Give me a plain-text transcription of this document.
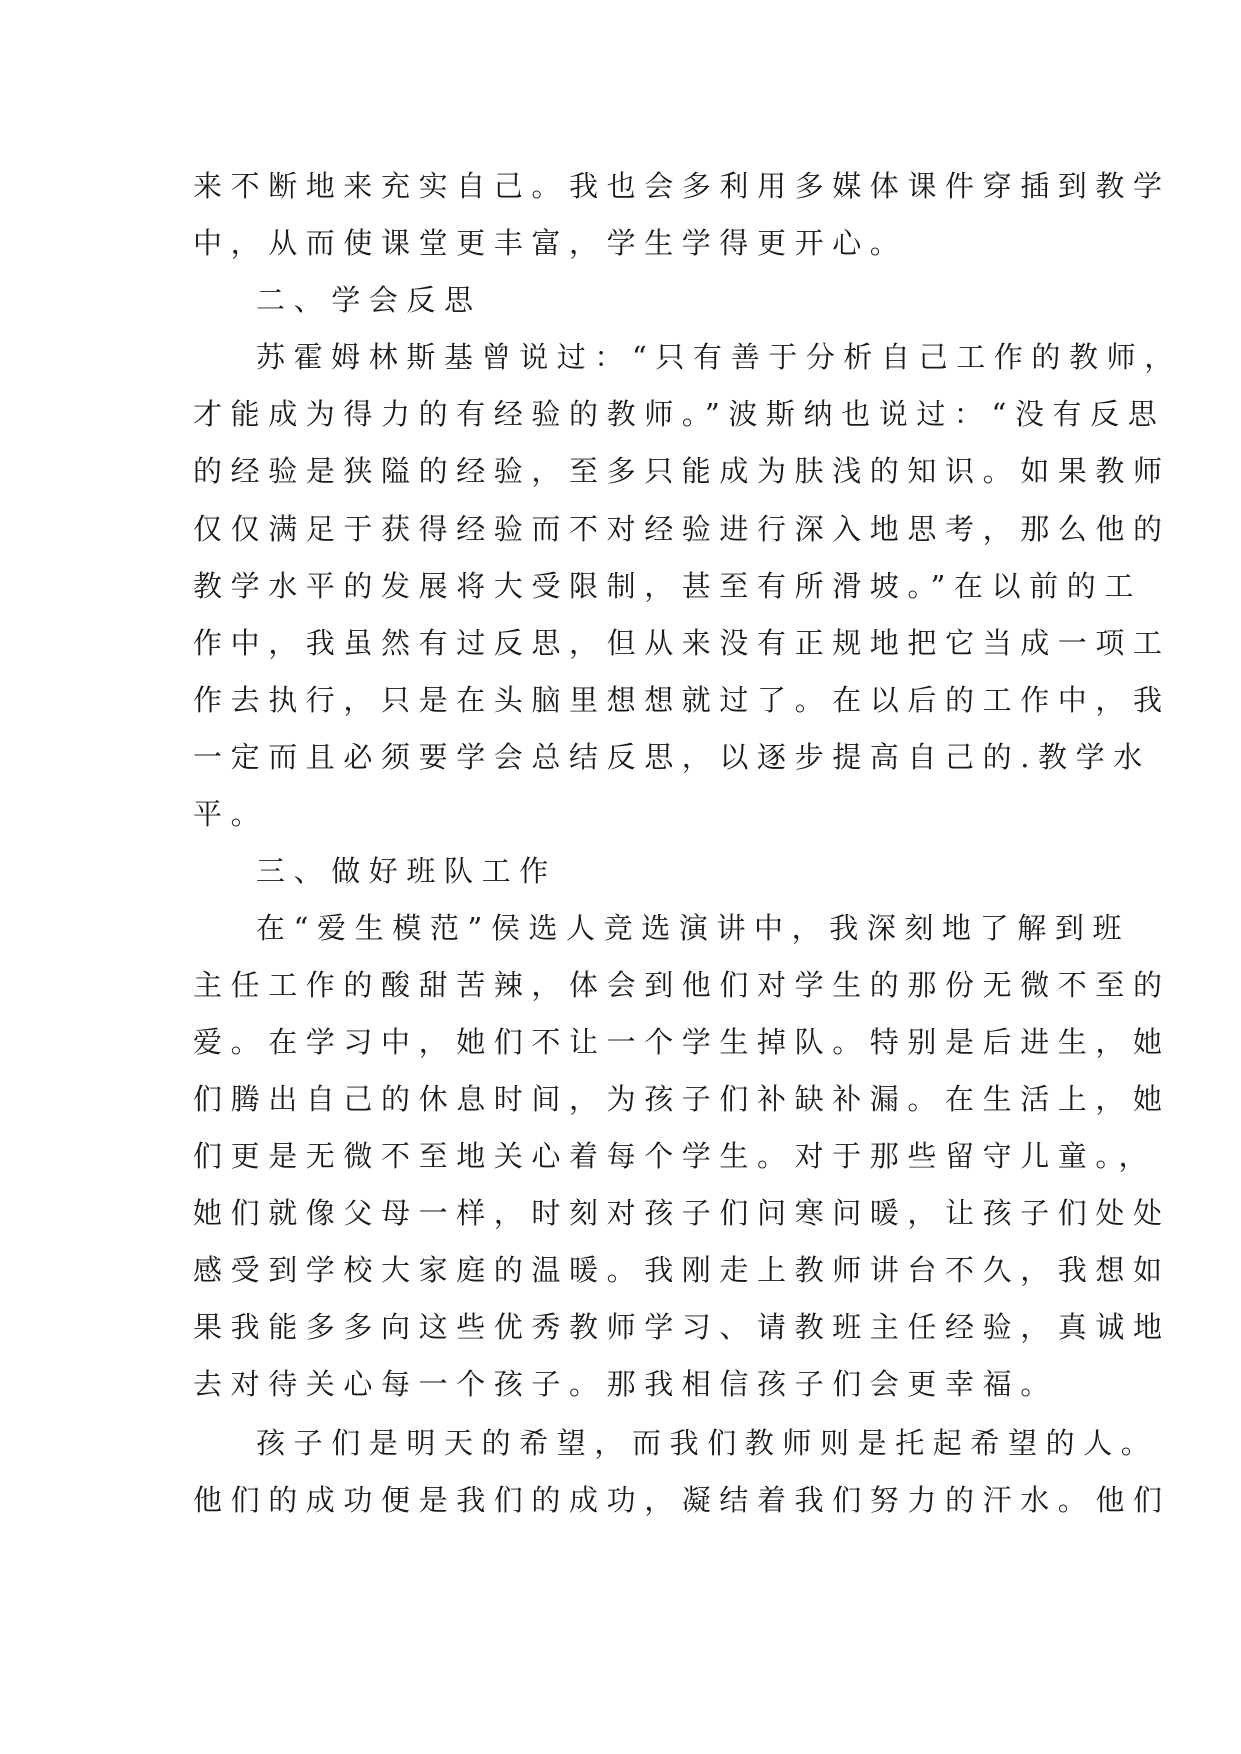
来不断地来充实自己。我也会多利用多媒体课件穿插到教学
中，从而使课堂更丰富，学生学得更开心。
二、学会反思
苏霍姆林斯基曾说过：“只有善于分析自己工作的教师，
才能成为得力的有经验的教师。”波斯纳也说过：“没有反思
的经验是狭隘的经验，至多只能成为肤浅的知识。如果教师
仅仅满足于获得经验而不对经验进行深入地思考，那么他的
教学水平的发展将大受限制，甚至有所滑坡。”在以前的工
作中，我虽然有过反思，但从来没有正规地把它当成一项工
作去执行，只是在头脑里想想就过了。在以后的工作中，我
一定而且必须要学会总结反思，以逐步提高自己的.教学水
平。
三、做好班队工作
在“爱生模范”侯选人竞选演讲中，我深刻地了解到班
主任工作的酸甜苦辣，体会到他们对学生的那份无微不至的
爱。在学习中，她们不让一个学生掉队。特别是后进生，她
们腾出自己的休息时间，为孩子们补缺补漏。在生活上，她
们更是无微不至地关心着每个学生。对于那些留守儿童。，
她们就像父母一样，时刻对孩子们问寒问暖，让孩子们处处
感受到学校大家庭的温暖。我刚走上教师讲台不久，我想如
果我能多多向这些优秀教师学习、请教班主任经验，真诚地
去对待关心每一个孩子。那我相信孩子们会更幸福。
孩子们是明天的希望，而我们教师则是托起希望的人。
他们的成功便是我们的成功，凝结着我们努力的汗水。他们
